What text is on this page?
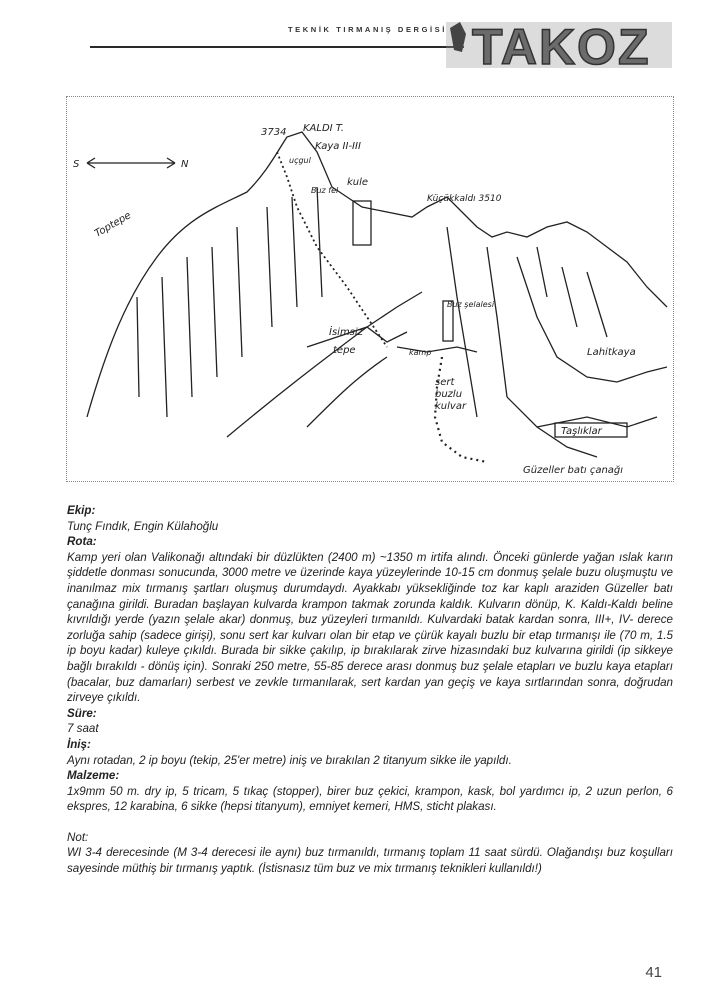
TEKNİK TIRMANIŞ DERGİSİ TAKOZ
3734 KALDI T.
Kaya II-III
S	N
Toptepe
kule
Buz fel
Küçükkaldı 3510
uçgul
Buz şelalesi
İsimsiz
tepe	kamp	Lahitkaya
sert
buzlu
kulvar
Taşlıklar
Güzeller batı çanağı
Ekip:

Tunç Fındık, Engin Külahoğlu

Rota:

Kamp yeri olan Valikonağı altındaki bir düzlükten (2400 m) ~1350 m irtifa alındı. Önceki günlerde yağan ıslak karın şiddetle donması sonucunda, 3000 metre ve üzerinde kaya yüzeylerinde 10-15 cm donmuş şelale buzu oluşmuştu ve inanılmaz mix tırmanış şartları oluşmuş durumdaydı. Ayakkabı yüksekliğinde toz kar kaplı araziden Güzeller batı çanağına girildi. Buradan başlayan kulvarda krampon takmak zorunda kaldık. Kulvarın dönüp, K. Kaldı-Kaldı beline kıvrıldığı yerde (yazın şelale akar) donmuş, buz yüzeyleri tırmanıldı. Kulvardaki batak kardan sonra, III+, IV- derece zorluğa sahip (sadece girişi), sonu sert kar kulvarı olan bir etap ve çürük kayalı buzlu bir etap tırmanışı ile (70 m, 1.5 ip boyu kadar) kuleye çıkıldı. Burada bir sikke çakılıp, ip bırakılarak zirve hizasındaki buz kulvarına girildi (ip sikkeye bağlı bırakıldı - dönüş için). Sonraki 250 metre, 55-85 derece arası donmuş buz şelale etapları ve buzlu kaya etapları (bacalar, buz damarları) serbest ve zevkle tırmanılarak, sert kardan yan geçiş ve kaya sırtlarından sonra, doğrudan zirveye çıkıldı.

Süre:

7 saat

İniş:

Aynı rotadan, 2 ip boyu (tekip, 25'er metre) iniş ve bırakılan 2 titanyum sikke ile yapıldı.

Malzeme:

1x9mm 50 m. dry ip, 5 tricam, 5 tıkaç (stopper), birer buz çekici, krampon, kask, bol yardımcı ip, 2 uzun perlon, 6 ekspres, 12 karabina, 6 sikke (hepsi titanyum), emniyet kemeri, HMS, sticht plakası.

Not:

WI 3-4 derecesinde (M 3-4 derecesi ile aynı) buz tırmanıldı, tırmanış toplam 11 saat sürdü. Olağandışı buz koşulları sayesinde müthiş bir tırmanış yaptık. (İstisnasız tüm buz ve mix tırmanış teknikleri kullanıldı!)

41
